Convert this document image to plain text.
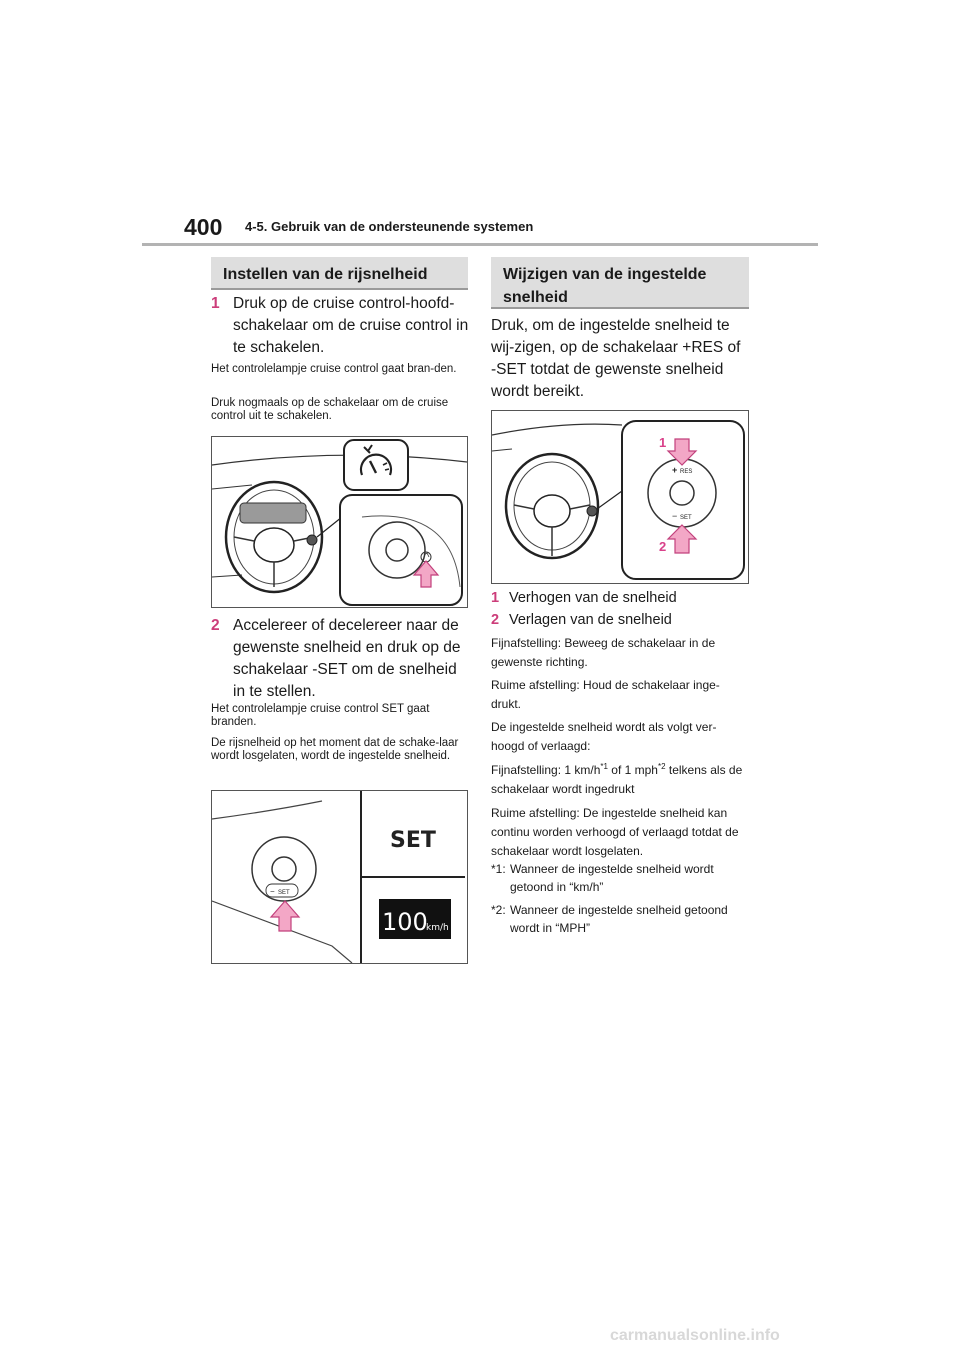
400 4-5. Gebruik van de ondersteunende systemen
Instellen van de rijsnelheid
1 Druk op de cruise control-hoofd-schakelaar om de cruise control in te schakelen.
Het controlelampje cruise control gaat bran-den.
Druk nogmaals op de schakelaar om de cruise control uit te schakelen.
2 Accelereer of decelereer naar de gewenste snelheid en druk op de schakelaar -SET om de snelheid in te stellen.
Het controlelampje cruise control SET gaat branden.
De rijsnelheid op het moment dat de schake-laar wordt losgelaten, wordt de ingestelde snelheid.
− SET
SET
100
km/h
Wijzigen van de ingestelde
snelheid
Druk, om de ingestelde snelheid te wij-zigen, op de schakelaar +RES of -SET totdat de gewenste snelheid wordt bereikt.
+ RES
− SET
1
2
1 Verhogen van de snelheid
2 Verlagen van de snelheid
Fijnafstelling: Beweeg de schakelaar in de gewenste richting.
Ruime afstelling: Houd de schakelaar inge-drukt.
De ingestelde snelheid wordt als volgt ver-hoogd of verlaagd:
Fijnafstelling: 1 $km/h^{*1}$ of 1 mph$^{*2}$ telkens als de schakelaar wordt ingedrukt
Ruime afstelling: De ingestelde snelheid kan continu worden verhoogd of verlaagd totdat de schakelaar wordt losgelaten.
*1: Wanneer de ingestelde snelheid wordt getoond in “km/h”
*2: Wanneer de ingestelde snelheid getoond wordt in “MPH”
carmanualsonline.info
